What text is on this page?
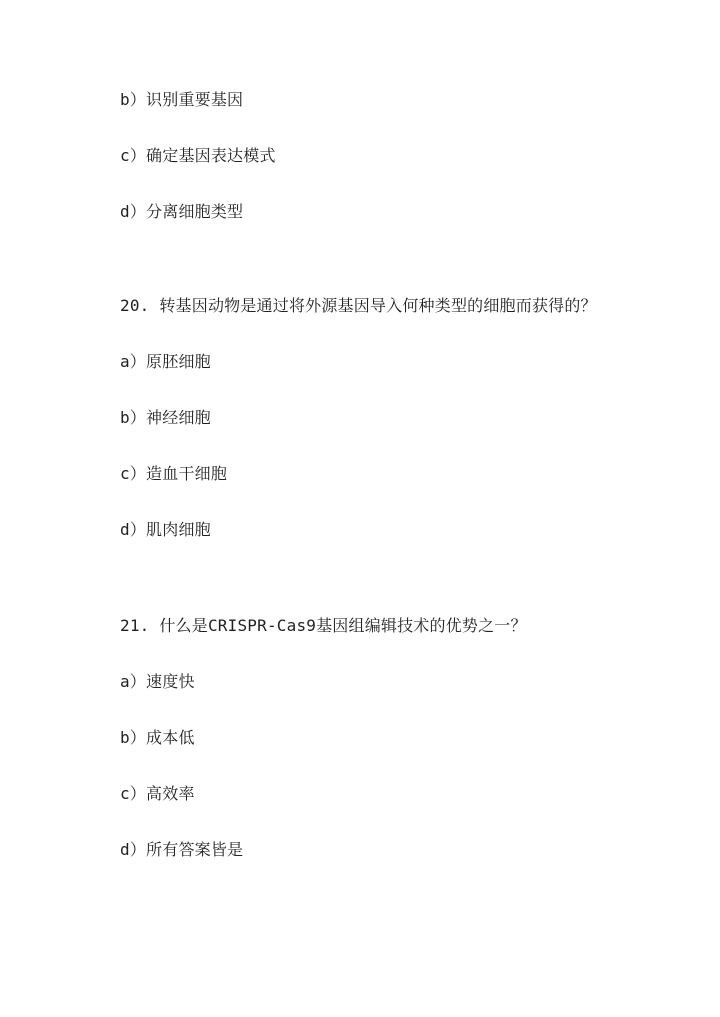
b）识别重要基因
c）确定基因表达模式
d）分离细胞类型
20. 转基因动物是通过将外源基因导入何种类型的细胞而获得的？
a）原胚细胞
b）神经细胞
c）造血干细胞
d）肌肉细胞
21. 什么是CRISPR-Cas9基因组编辑技术的优势之一？
a）速度快
b）成本低
c）高效率
d）所有答案皆是
